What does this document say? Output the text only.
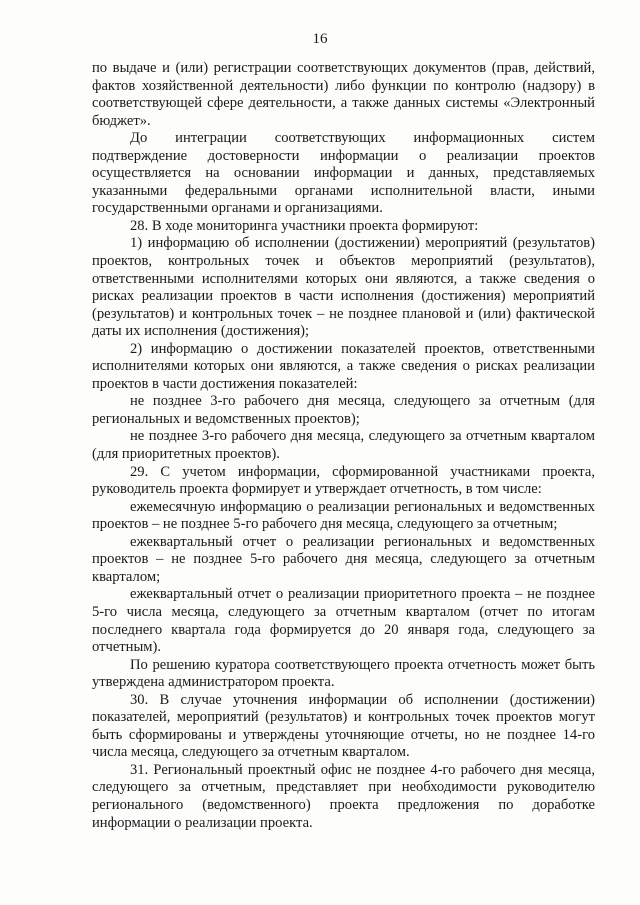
16

по выдаче и (или) регистрации соответствующих документов (прав, действий, фактов хозяйственной деятельности) либо функции по контролю (надзору) в соответствующей сфере деятельности, а также данных системы «Электронный бюджет».

До интеграции соответствующих информационных систем подтверждение достоверности информации о реализации проектов осуществляется на основании информации и данных, представляемых указанными федеральными органами исполнительной власти, иными государственными органами и организациями.

28. В ходе мониторинга участники проекта формируют:

1) информацию об исполнении (достижении) мероприятий (результатов) проектов, контрольных точек и объектов мероприятий (результатов), ответственными исполнителями которых они являются, а также сведения о рисках реализации проектов в части исполнения (достижения) мероприятий (результатов) и контрольных точек – не позднее плановой и (или) фактической даты их исполнения (достижения);

2) информацию о достижении показателей проектов, ответственными исполнителями которых они являются, а также сведения о рисках реализации проектов в части достижения показателей:

не позднее 3-го рабочего дня месяца, следующего за отчетным (для региональных и ведомственных проектов);

не позднее 3-го рабочего дня месяца, следующего за отчетным кварталом (для приоритетных проектов).

29. С учетом информации, сформированной участниками проекта, руководитель проекта формирует и утверждает отчетность, в том числе:

ежемесячную информацию о реализации региональных и ведомственных проектов – не позднее 5-го рабочего дня месяца, следующего за отчетным;

ежеквартальный отчет о реализации региональных и ведомственных проектов – не позднее 5-го рабочего дня месяца, следующего за отчетным кварталом;

ежеквартальный отчет о реализации приоритетного проекта – не позднее 5-го числа месяца, следующего за отчетным кварталом (отчет по итогам последнего квартала года формируется до 20 января года, следующего за отчетным).

По решению куратора соответствующего проекта отчетность может быть утверждена администратором проекта.

30. В случае уточнения информации об исполнении (достижении) показателей, мероприятий (результатов) и контрольных точек проектов могут быть сформированы и утверждены уточняющие отчеты, но не позднее 14-го числа месяца, следующего за отчетным кварталом.

31. Региональный проектный офис не позднее 4-го рабочего дня месяца, следующего за отчетным, представляет при необходимости руководителю регионального (ведомственного) проекта предложения по доработке информации о реализации проекта.
